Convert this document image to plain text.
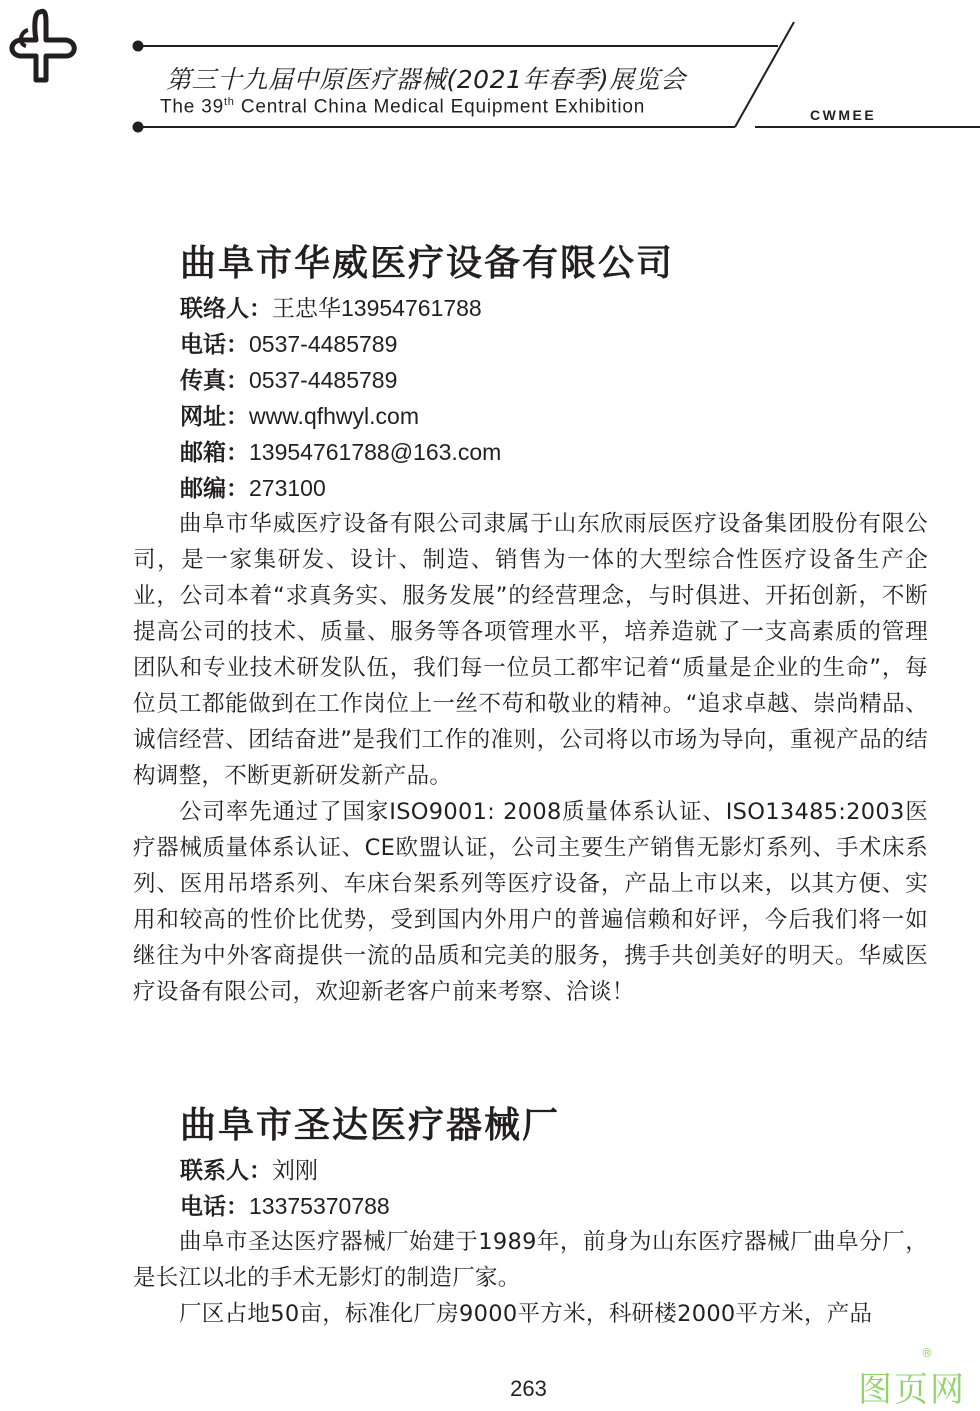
第三十九届中原医疗器械(2021年春季)展览会
The 39th Central China Medical Equipment Exhibition	CWMEE
曲阜市华威医疗设备有限公司
联络人：王忠华13954761788
电话：0537-4485789
传真：0537-4485789
网址：www.qfhwyl.com
邮箱：13954761788@163.com
邮编：273100

曲阜市华威医疗设备有限公司隶属于山东欣雨辰医疗设备集团股份有限公司，是一家集研发、设计、制造、销售为一体的大型综合性医疗设备生产企业，公司本着“求真务实、服务发展”的经营理念，与时俱进、开拓创新，不断提高公司的技术、质量、服务等各项管理水平，培养造就了一支高素质的管理团队和专业技术研发队伍，我们每一位员工都牢记着“质量是企业的生命”，每位员工都能做到在工作岗位上一丝不苟和敬业的精神。“追求卓越、崇尚精品、诚信经营、团结奋进”是我们工作的准则，公司将以市场为导向，重视产品的结构调整，不断更新研发新产品。

公司率先通过了国家ISO9001: 2008质量体系认证、ISO13485:2003医疗器械质量体系认证、CE欧盟认证，公司主要生产销售无影灯系列、手术床系列、医用吊塔系列、车床台架系列等医疗设备，产品上市以来，以其方便、实用和较高的性价比优势，受到国内外用户的普遍信赖和好评，今后我们将一如继往为中外客商提供一流的品质和完美的服务，携手共创美好的明天。华威医疗设备有限公司，欢迎新老客户前来考察、洽谈！

曲阜市圣达医疗器械厂
联系人：刘刚
电话：13375370788

曲阜市圣达医疗器械厂始建于1989年，前身为山东医疗器械厂曲阜分厂，是长江以北的手术无影灯的制造厂家。

厂区占地50亩，标准化厂房9000平方米，科研楼2000平方米，产品

263	图页网
®
